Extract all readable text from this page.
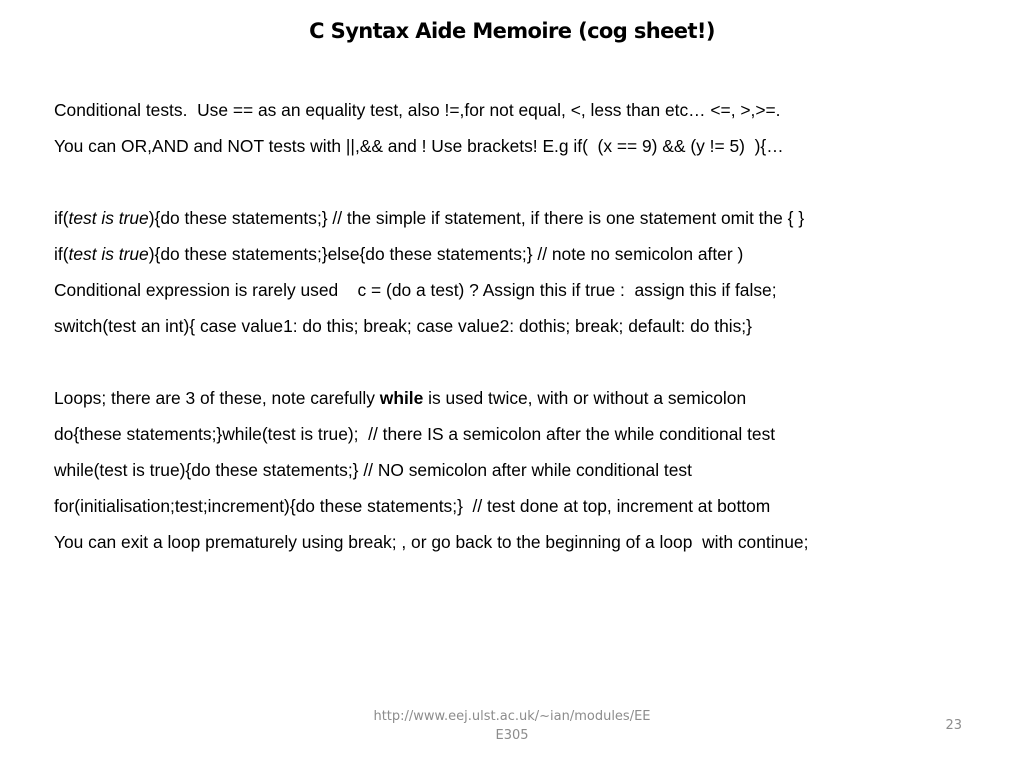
C Syntax Aide Memoire (cog sheet!)
Conditional tests.  Use == as an equality test, also !=,for not equal, <, less than etc… <=, >,>=.
You can OR,AND and NOT tests with ||,&& and ! Use brackets! E.g if(  (x == 9) && (y != 5)  ){…
if(test is true){do these statements;} // the simple if statement, if there is one statement omit the { }
if(test is true){do these statements;}else{do these statements;} // note no semicolon after )
Conditional expression is rarely used    c = (do a test) ? Assign this if true :  assign this if false;
switch(test an int){ case value1: do this; break; case value2: dothis; break; default: do this;}
Loops; there are 3 of these, note carefully while is used twice, with or without a semicolon
do{these statements;}while(test is true);  // there IS a semicolon after the while conditional test
while(test is true){do these statements;} // NO semicolon after while conditional test
for(initialisation;test;increment){do these statements;}  // test done at top, increment at bottom
You can exit a loop prematurely using break; , or go back to the beginning of a loop  with continue;
http://www.eej.ulst.ac.uk/~ian/modules/EE
E305
23
